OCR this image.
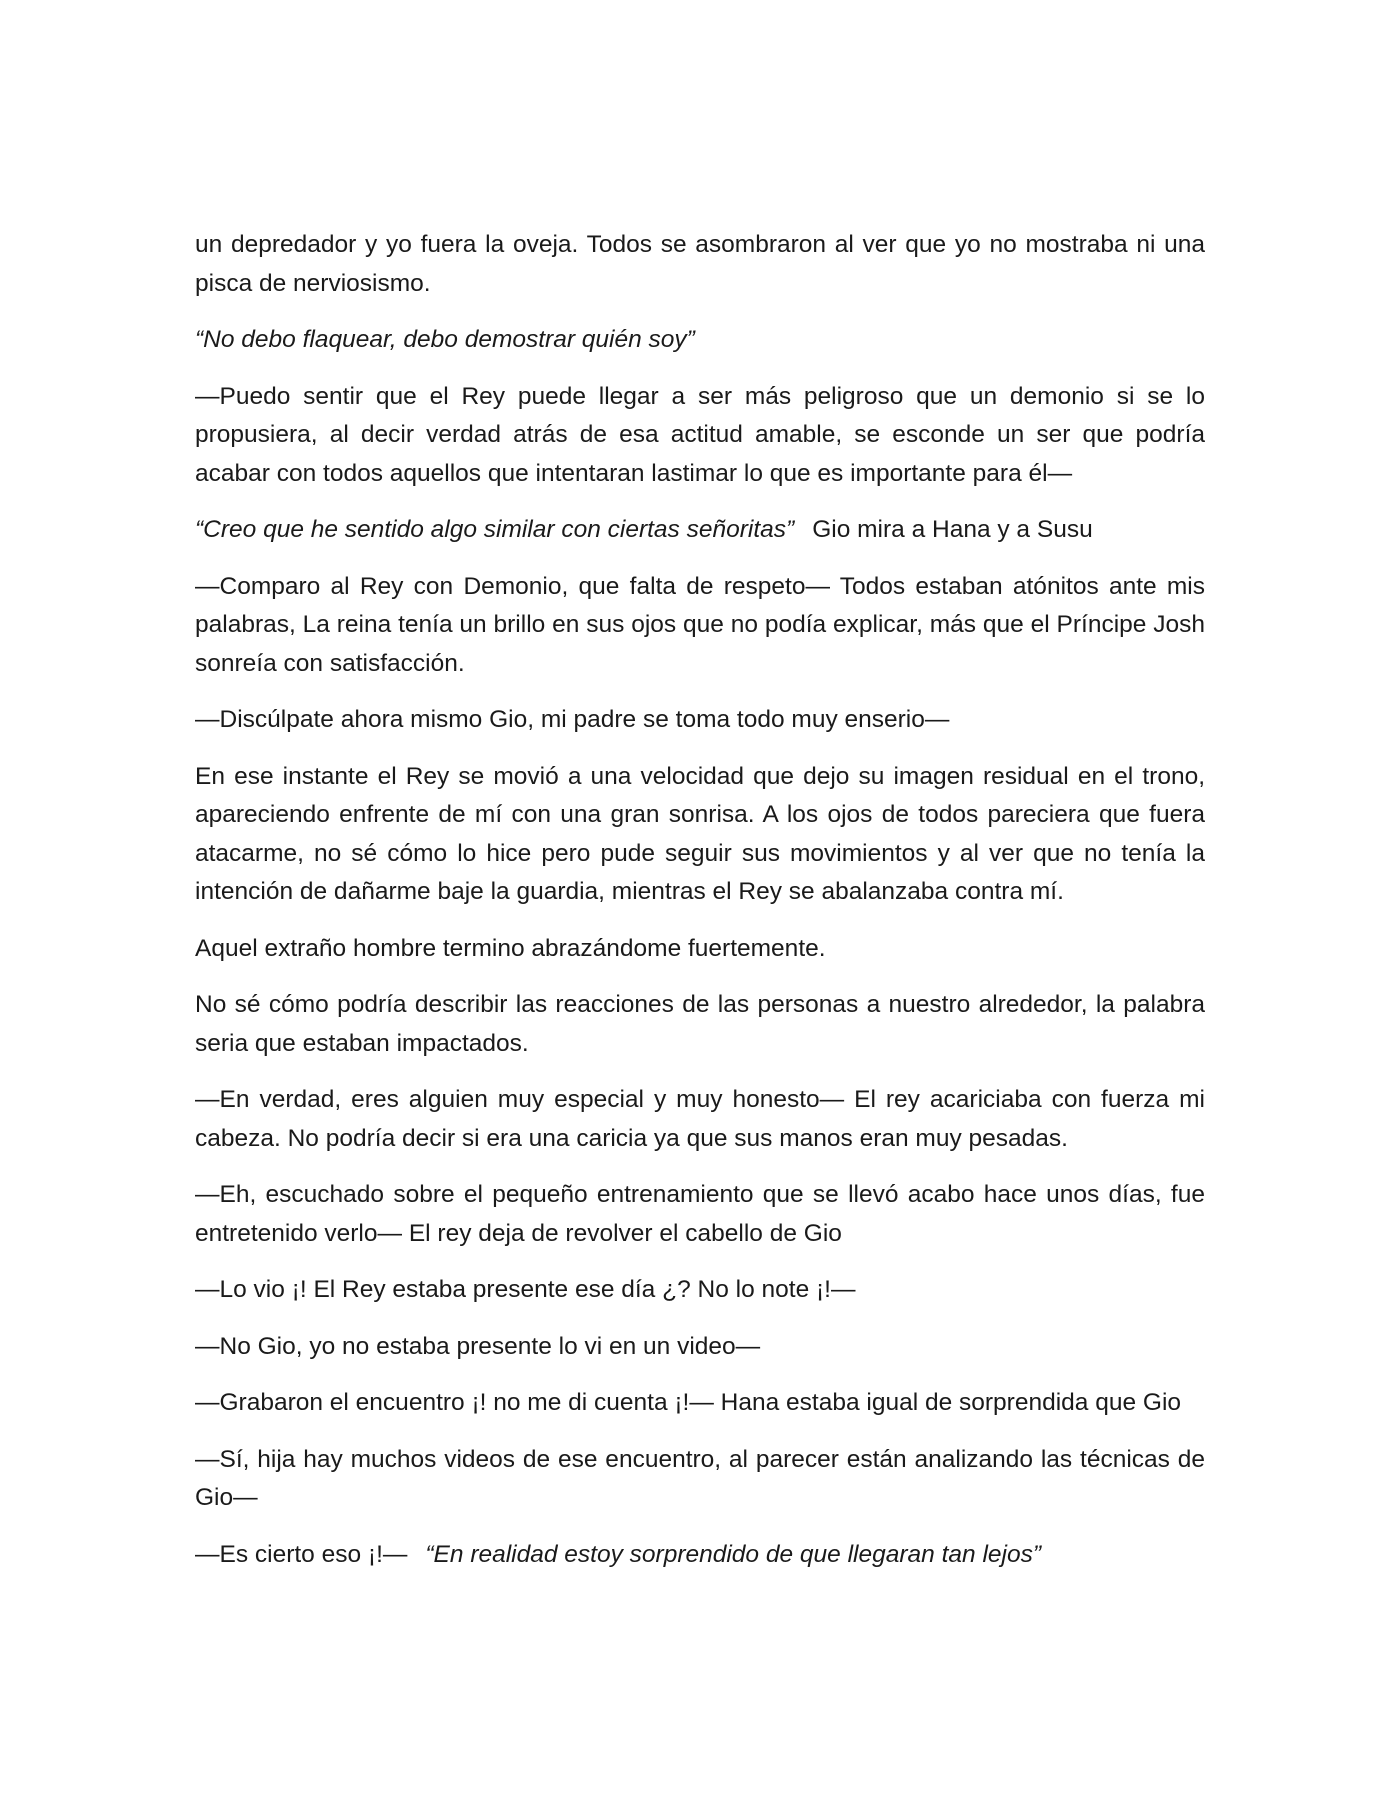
un depredador y yo fuera la oveja. Todos se asombraron al ver que yo no mostraba ni una pisca de nerviosismo.

“No debo flaquear, debo demostrar quién soy”

—Puedo sentir que el Rey puede llegar a ser más peligroso que un demonio si se lo propusiera, al decir verdad atrás de esa actitud amable, se esconde un ser que podría acabar con todos aquellos que intentaran lastimar lo que es importante para él—

“Creo que he sentido algo similar con ciertas señoritas” Gio mira a Hana y a Susu

—Comparo al Rey con Demonio, que falta de respeto— Todos estaban atónitos ante mis palabras, La reina tenía un brillo en sus ojos que no podía explicar, más que el Príncipe Josh sonreía con satisfacción.

—Discúlpate ahora mismo Gio, mi padre se toma todo muy enserio—

En ese instante el Rey se movió a una velocidad que dejo su imagen residual en el trono, apareciendo enfrente de mí con una gran sonrisa. A los ojos de todos pareciera que fuera atacarme, no sé cómo lo hice pero pude seguir sus movimientos y al ver que no tenía la intención de dañarme baje la guardia, mientras el Rey se abalanzaba contra mí.

Aquel extraño hombre termino abrazándome fuertemente.

No sé cómo podría describir las reacciones de las personas a nuestro alrededor, la palabra seria que estaban impactados.

—En verdad, eres alguien muy especial y muy honesto— El rey acariciaba con fuerza mi cabeza. No podría decir si era una caricia ya que sus manos eran muy pesadas.

—Eh, escuchado sobre el pequeño entrenamiento que se llevó acabo hace unos días, fue entretenido verlo— El rey deja de revolver el cabello de Gio

—Lo vio ¡! El Rey estaba presente ese día ¿? No lo note ¡!—

—No Gio, yo no estaba presente lo vi en un video—

—Grabaron el encuentro ¡! no me di cuenta ¡!— Hana estaba igual de sorprendida que Gio

—Sí, hija hay muchos videos de ese encuentro, al parecer están analizando las técnicas de Gio—

—Es cierto eso ¡!— “En realidad estoy sorprendido de que llegaran tan lejos”
